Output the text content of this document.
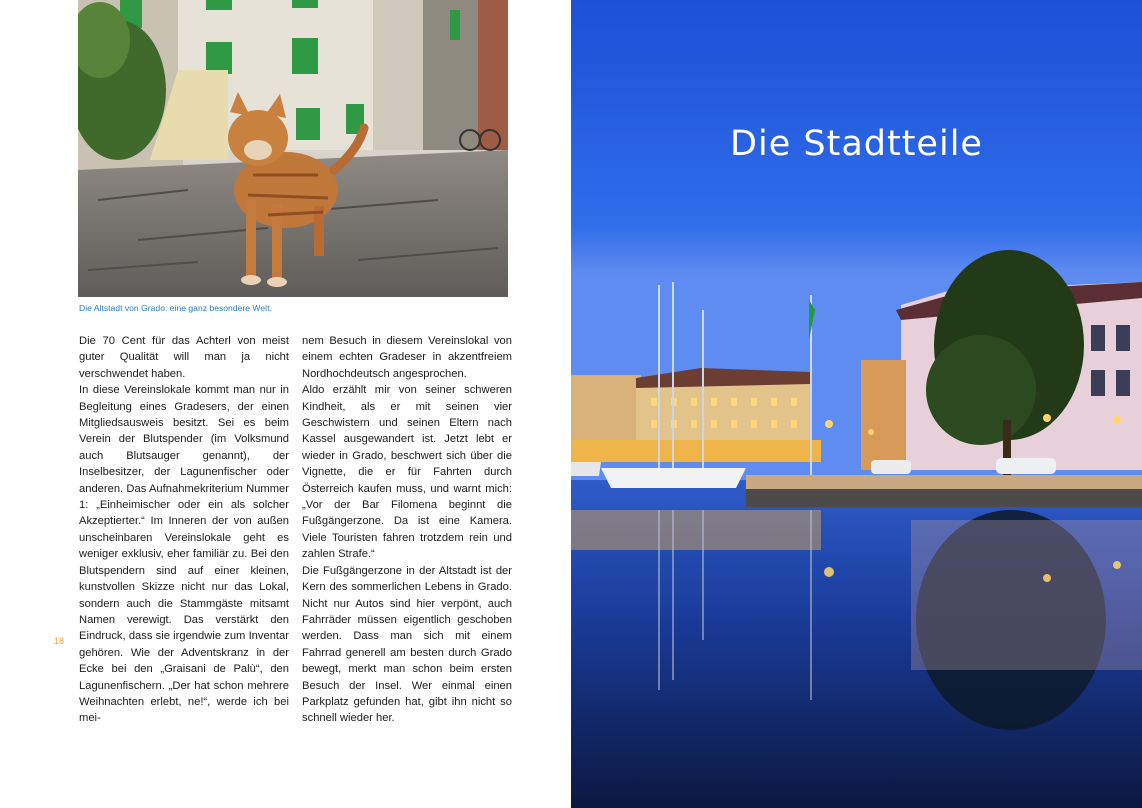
Die Altstadt von Grado: eine ganz besondere Welt.

Die 70 Cent für das Achterl von meist guter Qualität will man ja nicht verschwendet haben.

In diese Vereinslokale kommt man nur in Begleitung eines Gradesers, der einen Mitgliedsausweis besitzt. Sei es beim Verein der Blutspender (im Volksmund auch Blutsauger genannt), der Inselbesitzer, der Lagunenfischer oder anderen. Das Aufnahmekriterium Nummer 1: „Einheimischer oder ein als solcher Akzeptierter.“ Im Inneren der von außen unscheinbaren Vereinslokale geht es weniger exklusiv, eher familiär zu. Bei den Blutspendern sind auf einer kleinen, kunstvollen Skizze nicht nur das Lokal, sondern auch die Stammgäste mitsamt Namen verewigt. Das verstärkt den Eindruck, dass sie irgendwie zum Inventar gehören. Wie der Adventskranz in der Ecke bei den „Graisani de Palù“, den Lagunenfischern. „Der hat schon mehrere Weihnachten erlebt, ne!“, werde ich bei mei-

nem Besuch in diesem Vereinslokal von einem echten Gradeser in akzentfreiem Nordhochdeutsch angesprochen.

Aldo erzählt mir von seiner schweren Kindheit, als er mit seinen vier Geschwistern und seinen Eltern nach Kassel ausgewandert ist. Jetzt lebt er wieder in Grado, beschwert sich über die Vignette, die er für Fahrten durch Österreich kaufen muss, und warnt mich: „Vor der Bar Filomena beginnt die Fußgängerzone. Da ist eine Kamera. Viele Touristen fahren trotzdem rein und zahlen Strafe.“

Die Fußgängerzone in der Altstadt ist der Kern des sommerlichen Lebens in Grado. Nicht nur Autos sind hier verpönt, auch Fahrräder müssen eigentlich geschoben werden. Dass man sich mit einem Fahrrad generell am besten durch Grado bewegt, merkt man schon beim ersten Besuch der Insel. Wer einmal einen Parkplatz gefunden hat, gibt ihn nicht so schnell wieder her.

18
Die Stadtteile
